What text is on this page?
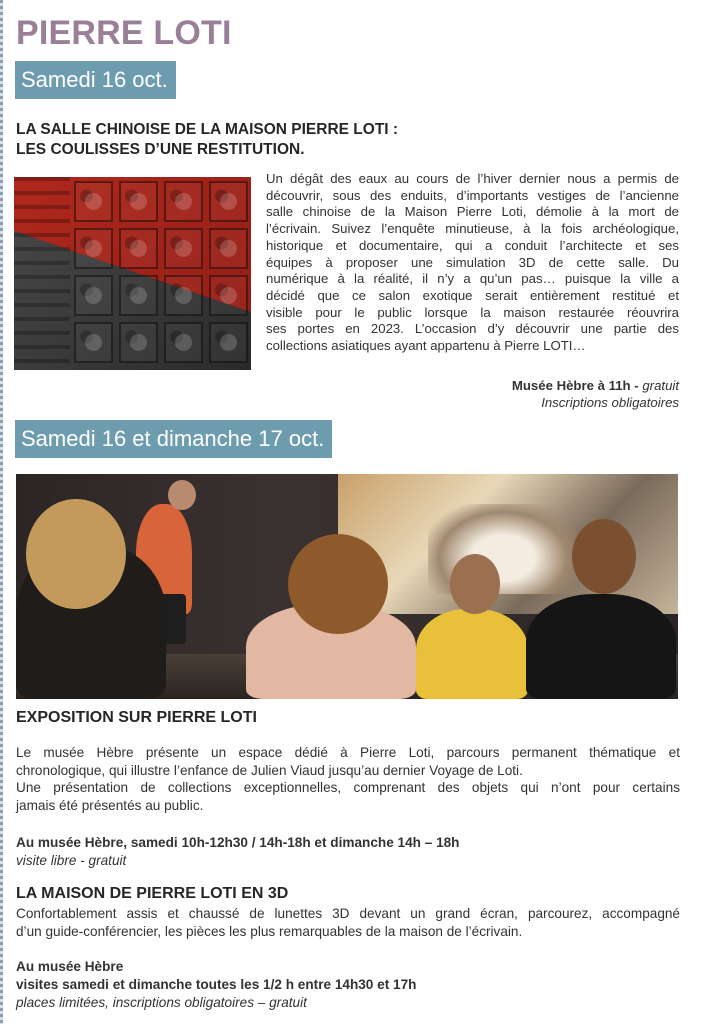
PIERRE LOTI
Samedi 16 oct.
LA SALLE CHINOISE DE LA MAISON PIERRE LOTI :
LES COULISSES D’UNE RESTITUTION.
Un dégât des eaux au cours de l’hiver dernier nous a permis de
découvrir, sous des enduits, d’importants vestiges de l’ancienne
salle chinoise de la Maison Pierre Loti, démolie à la mort de
l’écrivain. Suivez l’enquête minutieuse, à la fois archéologique,
historique et documentaire, qui a conduit l’architecte et ses
équipes à proposer une simulation 3D de cette salle. Du
numérique à la réalité, il n’y a qu’un pas… puisque la ville a
décidé que ce salon exotique serait entièrement restitué et
visible pour le public lorsque la maison restaurée réouvrira
ses portes en 2023. L’occasion d’y découvrir une partie des
collections asiatiques ayant appartenu à Pierre LOTI…
Musée Hèbre à 11h - gratuit
Inscriptions obligatoires
Samedi 16 et dimanche 17 oct.
EXPOSITION SUR PIERRE LOTI
Le musée Hèbre présente un espace dédié à Pierre Loti, parcours permanent thématique et
chronologique, qui illustre l’enfance de Julien Viaud jusqu’au dernier Voyage de Loti.
Une présentation de collections exceptionnelles, comprenant des objets qui n’ont pour certains
jamais été présentés au public.
Au musée Hèbre, samedi 10h-12h30 / 14h-18h et dimanche 14h – 18h
visite libre - gratuit
LA MAISON DE PIERRE LOTI EN 3D
Confortablement assis et chaussé de lunettes 3D devant un grand écran, parcourez, accompagné
d’un guide-conférencier, les pièces les plus remarquables de la maison de l’écrivain.
Au musée Hèbre
visites samedi et dimanche toutes les 1/2 h entre 14h30 et 17h
places limitées, inscriptions obligatoires – gratuit
